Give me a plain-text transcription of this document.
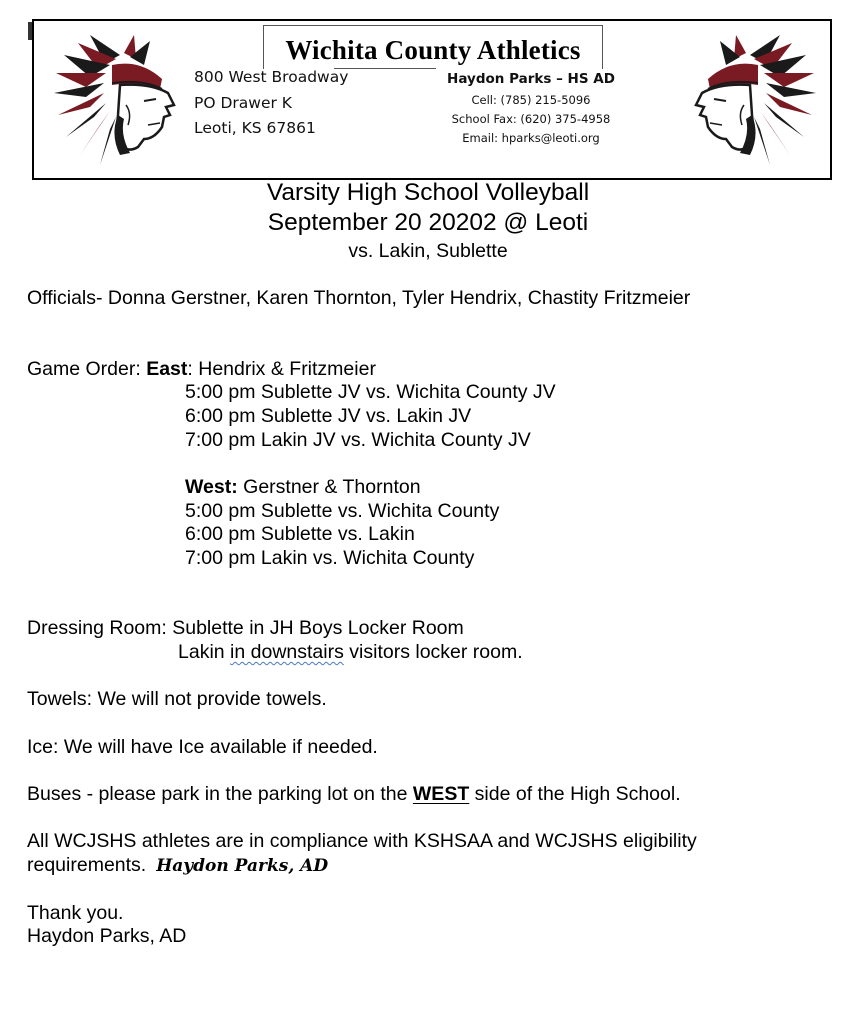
Wichita County Athletics
800 West Broadway
PO Drawer K
Leoti, KS 67861
Haydon Parks – HS AD
Cell: (785) 215-5096
School Fax: (620) 375-4958
Email: hparks@leoti.org
Varsity High School Volleyball
September 20 20202 @ Leoti
vs. Lakin, Sublette
Officials- Donna Gerstner, Karen Thornton, Tyler Hendrix, Chastity Fritzmeier
Game Order: East: Hendrix & Fritzmeier
5:00 pm Sublette JV vs. Wichita County JV
6:00 pm Sublette JV vs. Lakin JV
7:00 pm Lakin JV vs. Wichita County JV
West: Gerstner & Thornton
5:00 pm Sublette vs. Wichita County
6:00 pm Sublette vs. Lakin
7:00 pm Lakin vs. Wichita County
Dressing Room: Sublette in JH Boys Locker Room
Lakin in downstairs visitors locker room.
Towels: We will not provide towels.
Ice: We will have Ice available if needed.
Buses - please park in the parking lot on the WEST side of the High School.
All WCJSHS athletes are in compliance with KSHSAA and WCJSHS eligibility
requirements. Haydon Parks, AD
Thank you.
Haydon Parks, AD
